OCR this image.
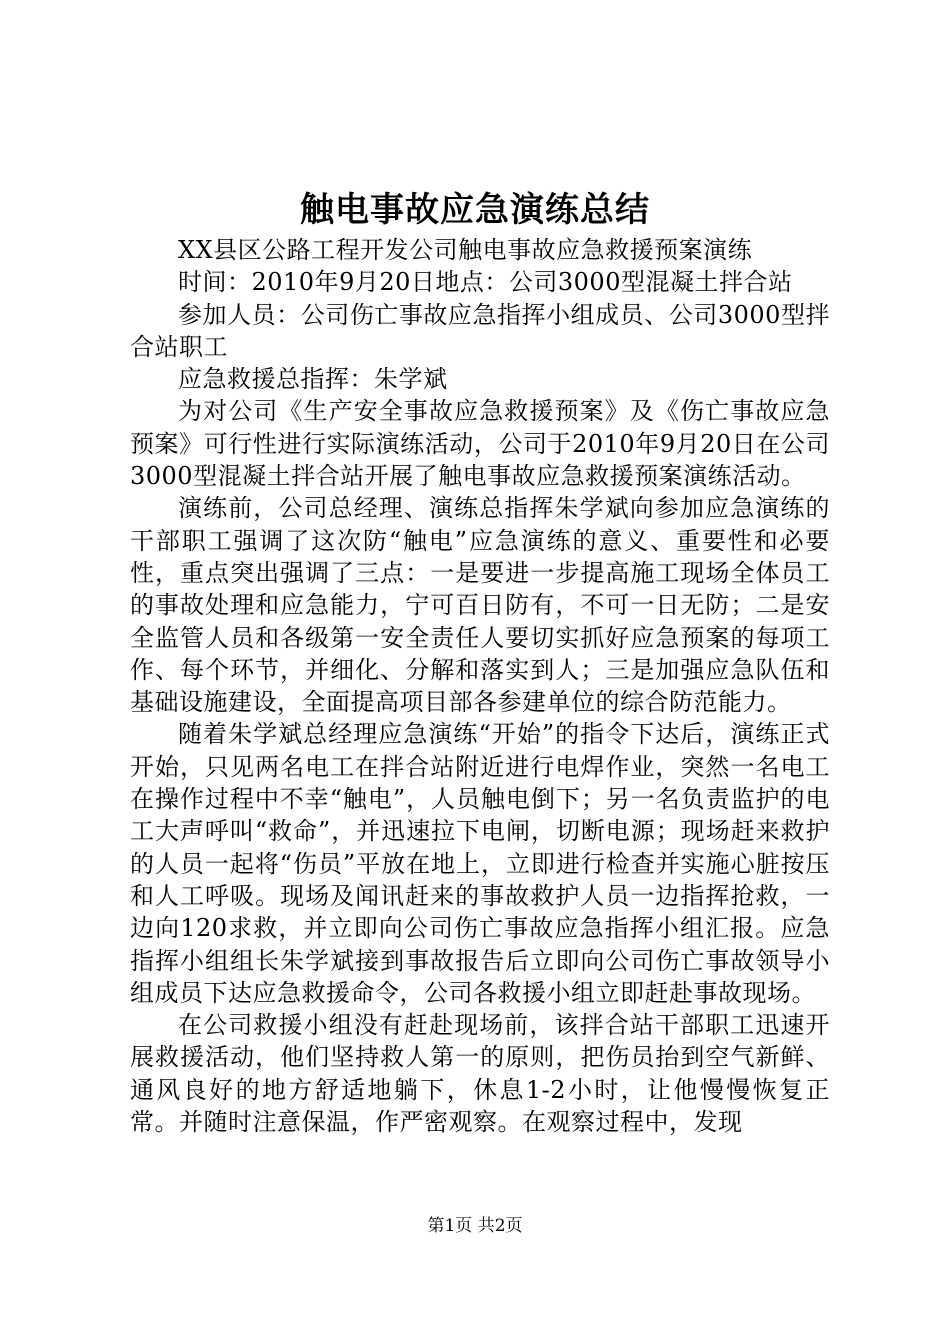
触电事故应急演练总结

XX县区公路工程开发公司触电事故应急救援预案演练

时间：2010年9月20日地点：公司3000型混凝土拌合站

参加人员：公司伤亡事故应急指挥小组成员、公司3000型拌合站职工

应急救援总指挥：朱学斌

为对公司《生产安全事故应急救援预案》及《伤亡事故应急预案》可行性进行实际演练活动，公司于2010年9月20日在公司3000型混凝土拌合站开展了触电事故应急救援预案演练活动。

演练前，公司总经理、演练总指挥朱学斌向参加应急演练的干部职工强调了这次防“触电”应急演练的意义、重要性和必要性，重点突出强调了三点：一是要进一步提高施工现场全体员工的事故处理和应急能力，宁可百日防有，不可一日无防；二是安全监管人员和各级第一安全责任人要切实抓好应急预案的每项工作、每个环节，并细化、分解和落实到人；三是加强应急队伍和基础设施建设，全面提高项目部各参建单位的综合防范能力。

随着朱学斌总经理应急演练“开始”的指令下达后，演练正式开始，只见两名电工在拌合站附近进行电焊作业，突然一名电工在操作过程中不幸“触电”，人员触电倒下；另一名负责监护的电工大声呼叫“救命”，并迅速拉下电闸，切断电源；现场赶来救护的人员一起将“伤员”平放在地上，立即进行检查并实施心脏按压和人工呼吸。现场及闻讯赶来的事故救护人员一边指挥抢救，一边向120求救，并立即向公司伤亡事故应急指挥小组汇报。应急指挥小组组长朱学斌接到事故报告后立即向公司伤亡事故领导小组成员下达应急救援命令，公司各救援小组立即赶赴事故现场。

在公司救援小组没有赶赴现场前，该拌合站干部职工迅速开展救援活动，他们坚持救人第一的原则，把伤员抬到空气新鲜、通风良好的地方舒适地躺下，休息1-2小时，让他慢慢恢复正常。并随时注意保温，作严密观察。在观察过程中，发现

第1页 共2页
